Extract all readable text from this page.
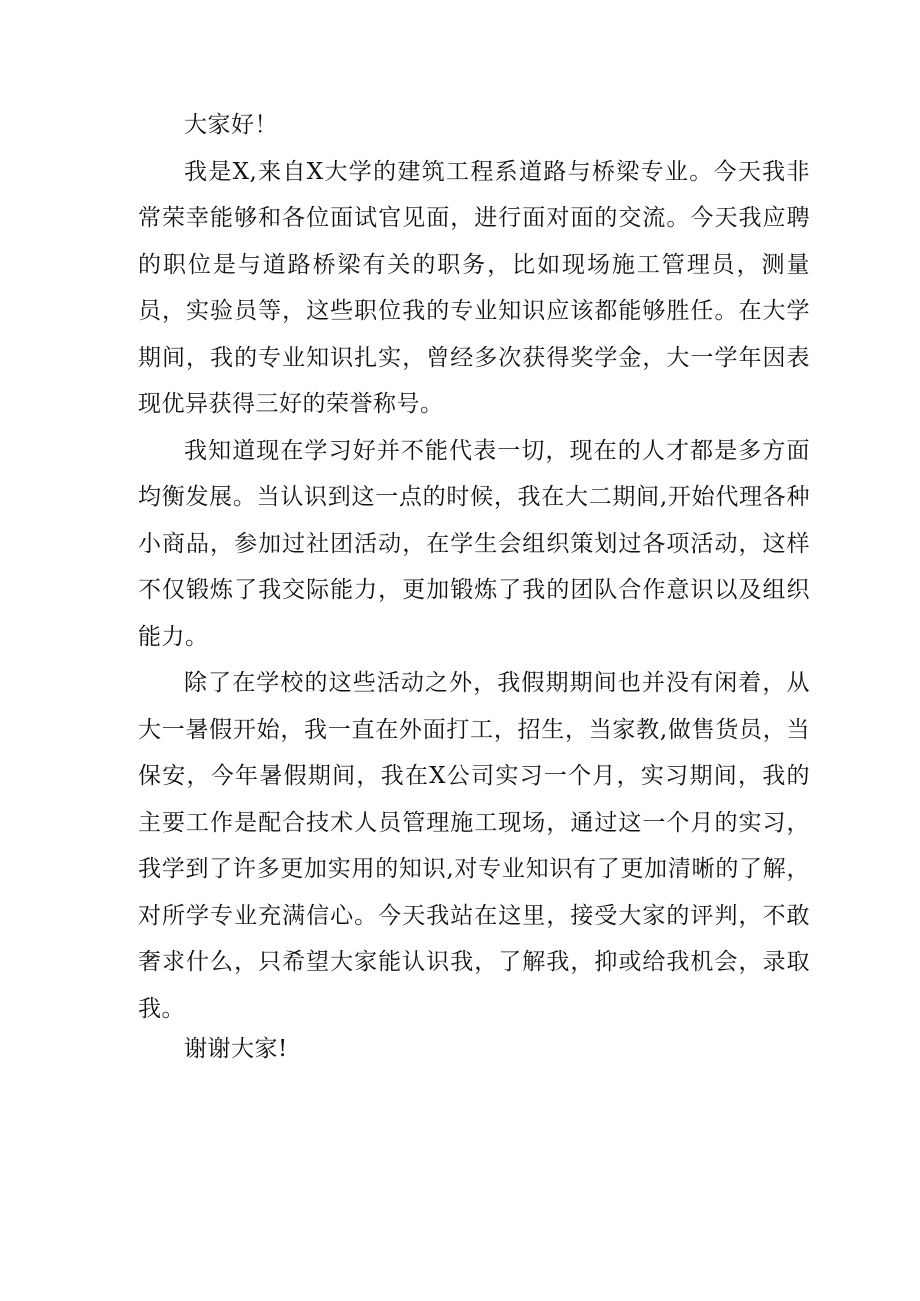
大家好！

我是X,来自X大学的建筑工程系道路与桥梁专业。今天我非常荣幸能够和各位面试官见面，进行面对面的交流。今天我应聘的职位是与道路桥梁有关的职务，比如现场施工管理员，测量员，实验员等，这些职位我的专业知识应该都能够胜任。在大学期间，我的专业知识扎实，曾经多次获得奖学金，大一学年因表现优异获得三好的荣誉称号。

我知道现在学习好并不能代表一切，现在的人才都是多方面均衡发展。当认识到这一点的时候，我在大二期间,开始代理各种小商品，参加过社团活动，在学生会组织策划过各项活动，这样不仅锻炼了我交际能力，更加锻炼了我的团队合作意识以及组织能力。

除了在学校的这些活动之外，我假期期间也并没有闲着，从大一暑假开始，我一直在外面打工，招生，当家教,做售货员，当保安，今年暑假期间，我在X公司实习一个月，实习期间，我的主要工作是配合技术人员管理施工现场，通过这一个月的实习，我学到了许多更加实用的知识,对专业知识有了更加清晰的了解，对所学专业充满信心。今天我站在这里，接受大家的评判，不敢奢求什么，只希望大家能认识我，了解我，抑或给我机会，录取我。

谢谢大家!
